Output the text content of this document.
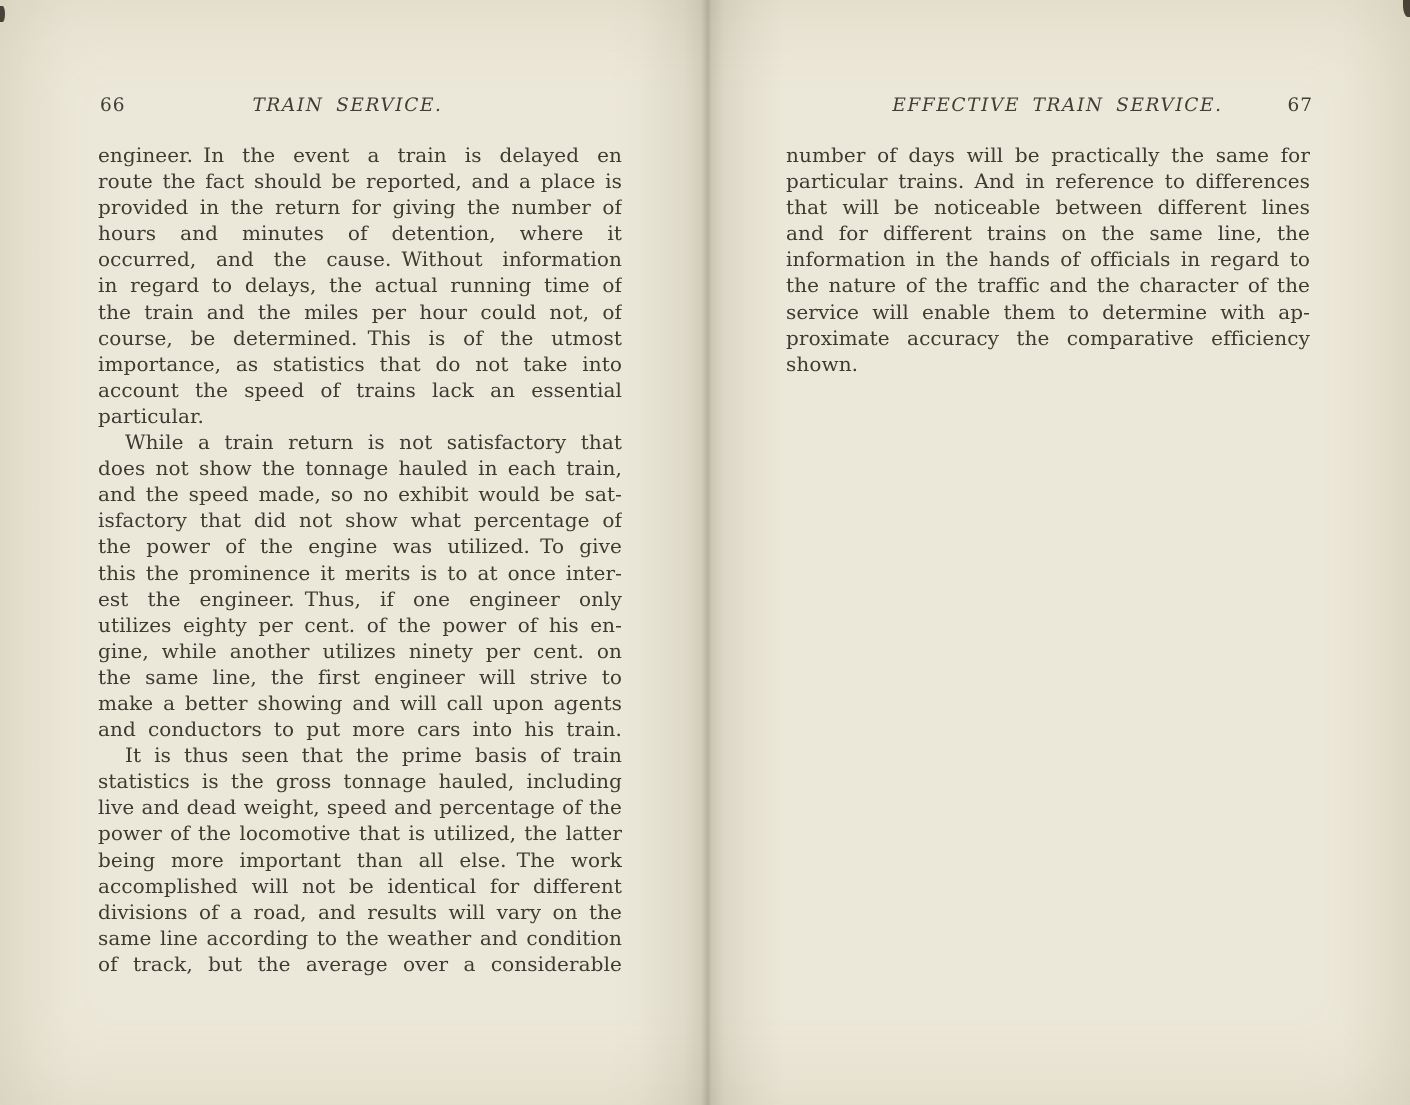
66	TRAIN SERVICE.
engineer. In the event a train is delayed en
route the fact should be reported, and a place is
provided in the return for giving the number of
hours and minutes of detention, where it
occurred, and the cause. Without information
in regard to delays, the actual running time of
the train and the miles per hour could not, of
course, be determined. This is of the utmost
importance, as statistics that do not take into
account the speed of trains lack an essential
particular.
While a train return is not satisfactory that
does not show the tonnage hauled in each train,
and the speed made, so no exhibit would be sat-
isfactory that did not show what percentage of
the power of the engine was utilized. To give
this the prominence it merits is to at once inter-
est the engineer. Thus, if one engineer only
utilizes eighty per cent. of the power of his en-
gine, while another utilizes ninety per cent. on
the same line, the first engineer will strive to
make a better showing and will call upon agents
and conductors to put more cars into his train.
It is thus seen that the prime basis of train
statistics is the gross tonnage hauled, including
live and dead weight, speed and percentage of the
power of the locomotive that is utilized, the latter
being more important than all else. The work
accomplished will not be identical for different
divisions of a road, and results will vary on the
same line according to the weather and condition
of track, but the average over a considerable
EFFECTIVE TRAIN SERVICE.	67
number of days will be practically the same for
particular trains. And in reference to differences
that will be noticeable between different lines
and for different trains on the same line, the
information in the hands of officials in regard to
the nature of the traffic and the character of the
service will enable them to determine with ap-
proximate accuracy the comparative efficiency
shown.
